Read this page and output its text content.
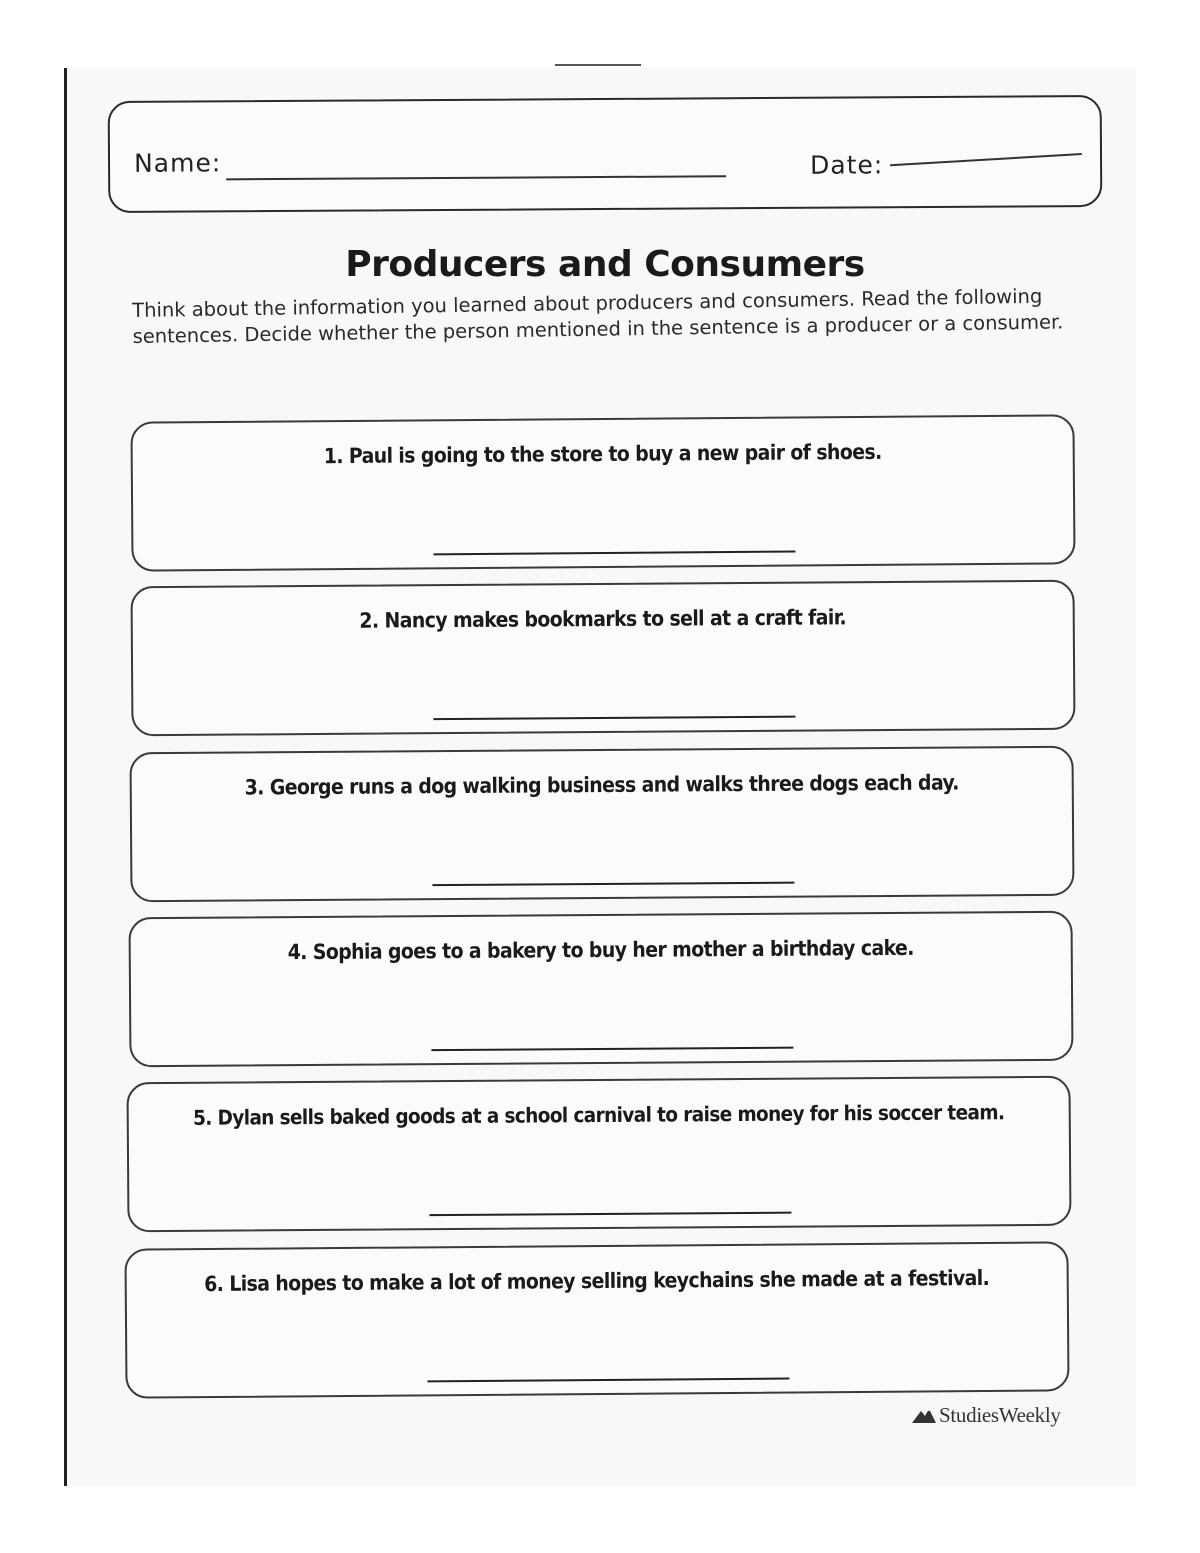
Name:	Date:
Producers and Consumers

Think about the information you learned about producers and consumers. Read the following sentences. Decide whether the person mentioned in the sentence is a producer or a consumer.

1. Paul is going to the store to buy a new pair of shoes.
2. Nancy makes bookmarks to sell at a craft fair.
3. George runs a dog walking business and walks three dogs each day.
4. Sophia goes to a bakery to buy her mother a birthday cake.
5. Dylan sells baked goods at a school carnival to raise money for his soccer team.
6. Lisa hopes to make a lot of money selling keychains she made at a festival.
StudiesWeekly
